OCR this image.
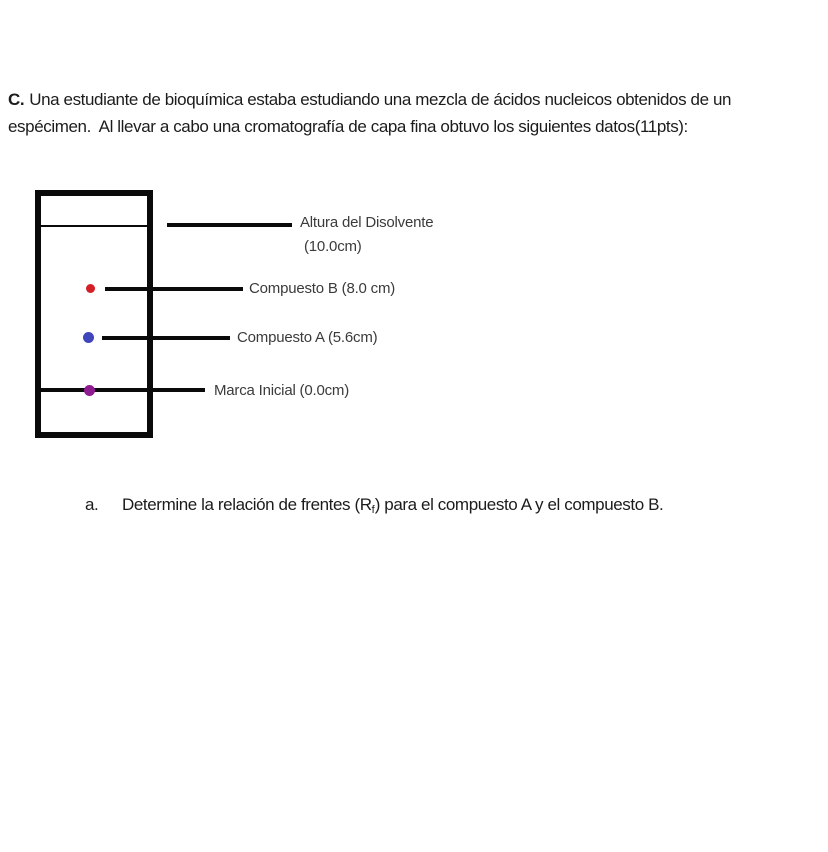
C. Una estudiante de bioquímica estaba estudiando una mezcla de ácidos nucleicos obtenidos de un
espécimen.  Al llevar a cabo una cromatografía de capa fina obtuvo los siguientes datos(11pts):

Altura del Disolvente
(10.0cm)
Compuesto B (8.0 cm)
Compuesto A (5.6cm)
Marca Inicial (0.0cm)
a. Determine la relación de frentes $(R_f)$ para el compuesto A y el compuesto B.
